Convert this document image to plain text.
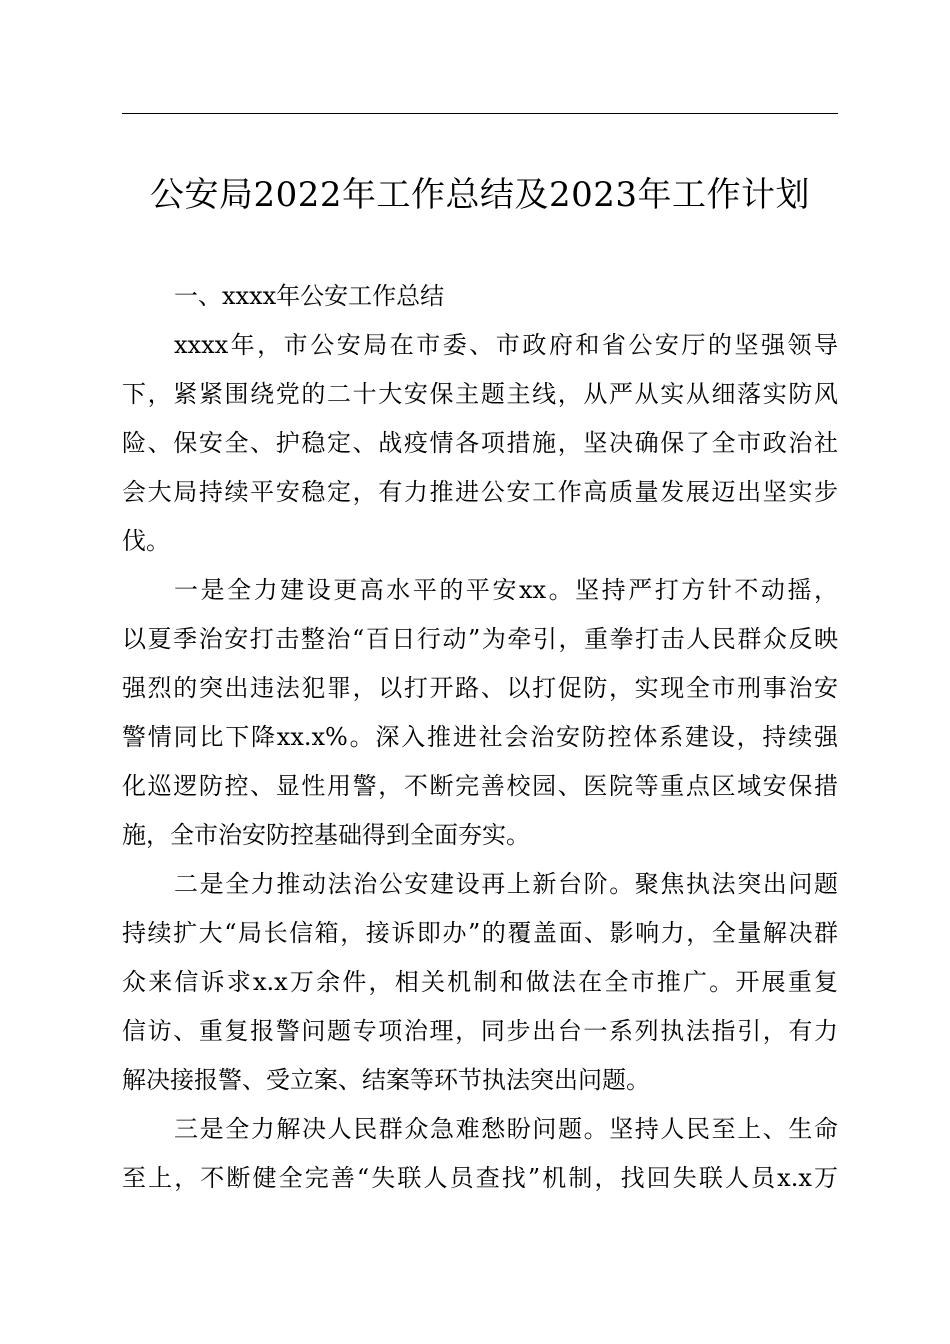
公安局2022年工作总结及2023年工作计划

一、xxxx年公安工作总结

xxxx年，市公安局在市委、市政府和省公安厅的坚强领导
下，紧紧围绕党的二十大安保主题主线，从严从实从细落实防风
险、保安全、护稳定、战疫情各项措施，坚决确保了全市政治社
会大局持续平安稳定，有力推进公安工作高质量发展迈出坚实步
伐。
一是全力建设更高水平的平安xx。坚持严打方针不动摇，
以夏季治安打击整治“百日行动”为牵引，重拳打击人民群众反映
强烈的突出违法犯罪，以打开路、以打促防，实现全市刑事治安
警情同比下降xx.x%。深入推进社会治安防控体系建设，持续强
化巡逻防控、显性用警，不断完善校园、医院等重点区域安保措
施，全市治安防控基础得到全面夯实。
二是全力推动法治公安建设再上新台阶。聚焦执法突出问题
持续扩大“局长信箱，接诉即办”的覆盖面、影响力，全量解决群
众来信诉求x.x万余件，相关机制和做法在全市推广。开展重复
信访、重复报警问题专项治理，同步出台一系列执法指引，有力
解决接报警、受立案、结案等环节执法突出问题。
三是全力解决人民群众急难愁盼问题。坚持人民至上、生命
至上，不断健全完善“失联人员查找”机制，找回失联人员x.x万
